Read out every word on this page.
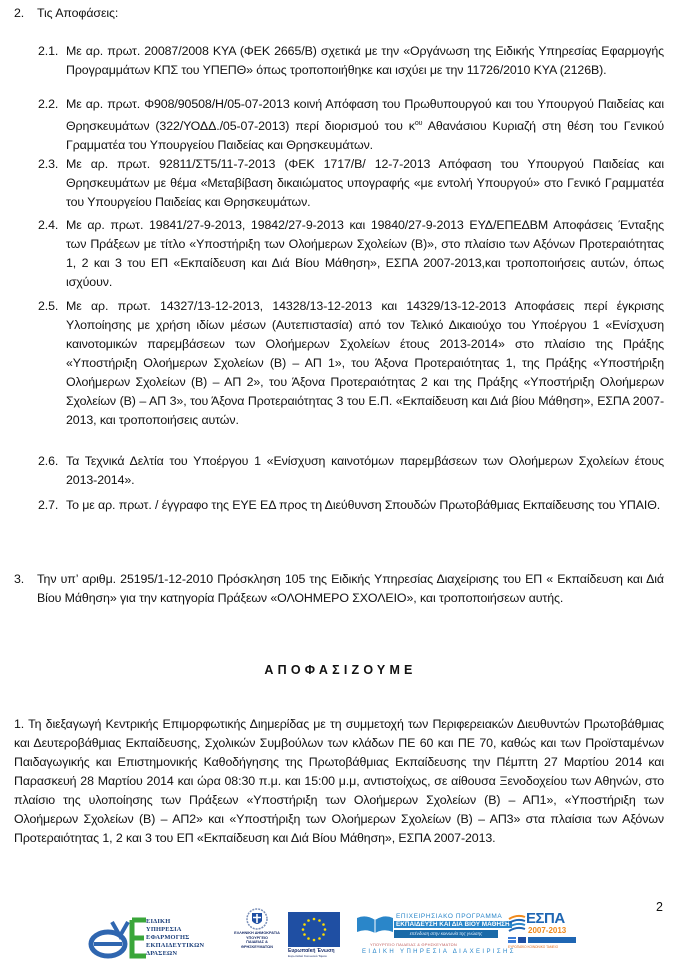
2. Τις Αποφάσεις:
2.1. Με αρ. πρωτ. 20087/2008 ΚΥΑ (ΦΕΚ 2665/Β) σχετικά με την «Οργάνωση της Ειδικής Υπηρεσίας Εφαρμογής Προγραμμάτων ΚΠΣ του ΥΠΕΠΘ» όπως τροποποιήθηκε και ισχύει με την 11726/2010 ΚΥΑ (2126Β).
2.2. Με αρ. πρωτ. Φ908/90508/Η/05-07-2013 κοινή Απόφαση του Πρωθυπουργού και του Υπουργού Παιδείας και Θρησκευμάτων (322/ΥΟΔΔ./05-07-2013) περί διορισμού του $\kappa^{o\upsilon}$ Αθανάσιου Κυριαζή στη θέση του Γενικού Γραμματέα του Υπουργείου Παιδείας και Θρησκευμάτων.
2.3. Με αρ. πρωτ. 92811/ΣΤ5/11-7-2013 (ΦΕΚ 1717/Β/ 12-7-2013 Απόφαση του Υπουργού Παιδείας και Θρησκευμάτων με θέμα «Μεταβίβαση δικαιώματος υπογραφής «με εντολή Υπουργού» στο Γενικό Γραμματέα του Υπουργείου Παιδείας και Θρησκευμάτων.
2.4. Με αρ. πρωτ. 19841/27-9-2013, 19842/27-9-2013 και 19840/27-9-2013 ΕΥΔ/ΕΠΕΔΒΜ Αποφάσεις Ένταξης των Πράξεων με τίτλο «Υποστήριξη των Ολοήμερων Σχολείων (Β)», στο πλαίσιο των Αξόνων Προτεραιότητας 1, 2 και 3 του ΕΠ «Εκπαίδευση και Διά Βίου Μάθηση», ΕΣΠΑ 2007-2013,και τροποποιήσεις αυτών, όπως ισχύουν.
2.5. Με αρ. πρωτ. 14327/13-12-2013, 14328/13-12-2013 και 14329/13-12-2013 Αποφάσεις περί έγκρισης Υλοποίησης με χρήση ιδίων μέσων (Αυτεπιστασία) από τον Τελικό Δικαιούχο του Υποέργου 1 «Ενίσχυση καινοτομικών παρεμβάσεων των Ολοήμερων Σχολείων έτους 2013-2014» στο πλαίσιο της Πράξης «Υποστήριξη Ολοήμερων Σχολείων (Β) – ΑΠ 1», του Άξονα Προτεραιότητας 1, της Πράξης «Υποστήριξη Ολοήμερων Σχολείων (Β) – ΑΠ 2», του Άξονα Προτεραιότητας 2 και της Πράξης «Υποστήριξη Ολοήμερων Σχολείων (Β) – ΑΠ 3», του Άξονα Προτεραιότητας 3 του Ε.Π. «Εκπαίδευση και Διά βίου Μάθηση», ΕΣΠΑ 2007-2013, και τροποποιήσεις αυτών.
2.6. Τα Τεχνικά Δελτία του Υποέργου 1 «Ενίσχυση καινοτόμων παρεμβάσεων των Ολοήμερων Σχολείων έτους 2013-2014».
2.7. Το με αρ. πρωτ. / έγγραφο της ΕΥΕ ΕΔ προς τη Διεύθυνση Σπουδών Πρωτοβάθμιας Εκπαίδευσης του ΥΠΑΙΘ.
3. Την υπ’ αριθμ. 25195/1-12-2010 Πρόσκληση 105 της Ειδικής Υπηρεσίας Διαχείρισης του ΕΠ « Εκπαίδευση και Διά Βίου Μάθηση» για την κατηγορία Πράξεων «ΟΛΟΗΜΕΡΟ ΣΧΟΛΕΙΟ», και τροποποιήσεων αυτής.
ΑΠΟΦΑΣΙΖΟΥΜΕ
1. Τη διεξαγωγή Κεντρικής Επιμορφωτικής Διημερίδας με τη συμμετοχή των Περιφερειακών Διευθυντών Πρωτοβάθμιας και Δευτεροβάθμιας Εκπαίδευσης, Σχολικών Συμβούλων των κλάδων ΠΕ 60 και ΠΕ 70, καθώς και των Προϊσταμένων Παιδαγωγικής και Επιστημονικής Καθοδήγησης της Πρωτοβάθμιας Εκπαίδευσης την Πέμπτη 27 Μαρτίου 2014 και Παρασκευή 28 Μαρτίου 2014 και ώρα 08:30 π.μ. και 15:00 μ.μ, αντιστοίχως, σε αίθουσα Ξενοδοχείου των Αθηνών, στο πλαίσιο της υλοποίησης των Πράξεων «Υποστήριξη των Ολοήμερων Σχολείων (Β) – ΑΠ1», «Υποστήριξη των Ολοήμερων Σχολείων (Β) – ΑΠ2» και «Υποστήριξη των Ολοήμερων Σχολείων (Β) – ΑΠ3» στα πλαίσια των Αξόνων Προτεραιότητας 1, 2 και 3 του ΕΠ «Εκπαίδευση και Διά Βίου Μάθηση», ΕΣΠΑ 2007-2013.
2
ΕΙΔΙΚΗ
ΥΠΗΡΕΣΙΑ
ΕΦΑΡΜΟΓΗΣ
ΕΚΠΑΙΔΕΥΤΙΚΩΝ
ΔΡΑΣΕΩΝ
ΕΛΛΗΝΙΚΗ ΔΗΜΟΚΡΑΤΙΑ
ΥΠΟΥΡΓΕΙΟ
ΠΑΙΔΕΙΑΣ &
ΘΡΗΣΚΕΥΜΑΤΩΝ
Ευρωπαϊκή Ένωση
Ευρωπαϊκό Κοινωνικό Ταμείο
ΕΠΙΧΕΙΡΗΣΙΑΚΟ ΠΡΟΓΡΑΜΜΑ
ΕΚΠΑΙΔΕΥΣΗ ΚΑΙ ΔΙΑ ΒΙΟΥ ΜΑΘΗΣΗ
επένδυση στην κοινωνία της γνώσης
ΥΠΟΥΡΓΕΙΟ ΠΑΙΔΕΙΑΣ & ΘΡΗΣΚΕΥΜΑΤΩΝ
ΕΙΔΙΚΗ ΥΠΗΡΕΣΙΑ ΔΙΑΧΕΙΡΙΣΗΣ
ΕΣΠΑ
2007-2013
ΕΥΡΩΠΑΪΚΟ ΚΟΙΝΩΝΙΚΟ ΤΑΜΕΙΟ
